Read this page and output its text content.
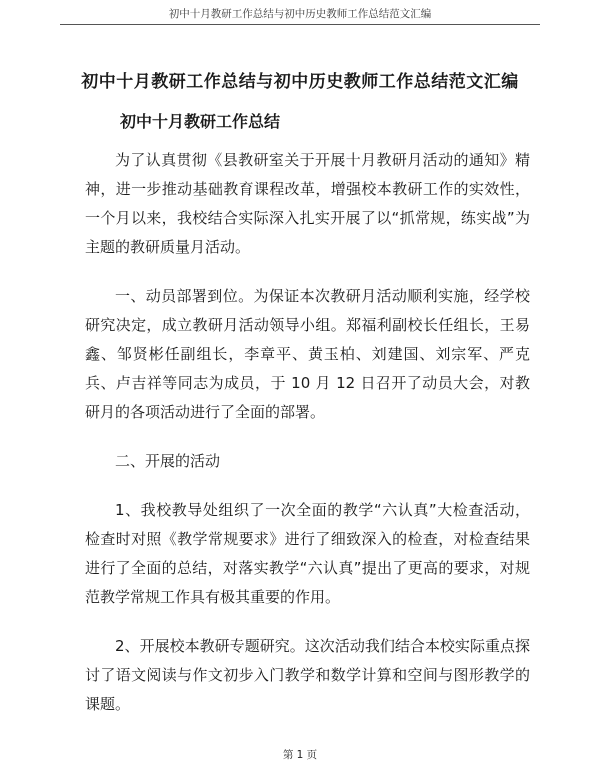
初中十月教研工作总结与初中历史教师工作总结范文汇编
初中十月教研工作总结与初中历史教师工作总结范文汇编
初中十月教研工作总结

为了认真贯彻《县教研室关于开展十月教研月活动的通知》精神，进一步推动基础教育课程改革，增强校本教研工作的实效性，一个月以来，我校结合实际深入扎实开展了以“抓常规，练实战”为主题的教研质量月活动。

一、动员部署到位。为保证本次教研月活动顺利实施，经学校研究决定，成立教研月活动领导小组。郑福利副校长任组长，王易鑫、邹贤彬任副组长，李章平、黄玉柏、刘建国、刘宗军、严克兵、卢吉祥等同志为成员，于 10 月 12 日召开了动员大会，对教研月的各项活动进行了全面的部署。

二、开展的活动

1、我校教导处组织了一次全面的教学“六认真”大检查活动，检查时对照《教学常规要求》进行了细致深入的检查，对检查结果进行了全面的总结，对落实教学“六认真”提出了更高的要求，对规范教学常规工作具有极其重要的作用。

2、开展校本教研专题研究。这次活动我们结合本校实际重点探讨了语文阅读与作文初步入门教学和数学计算和空间与图形教学的课题。

第 1 页
